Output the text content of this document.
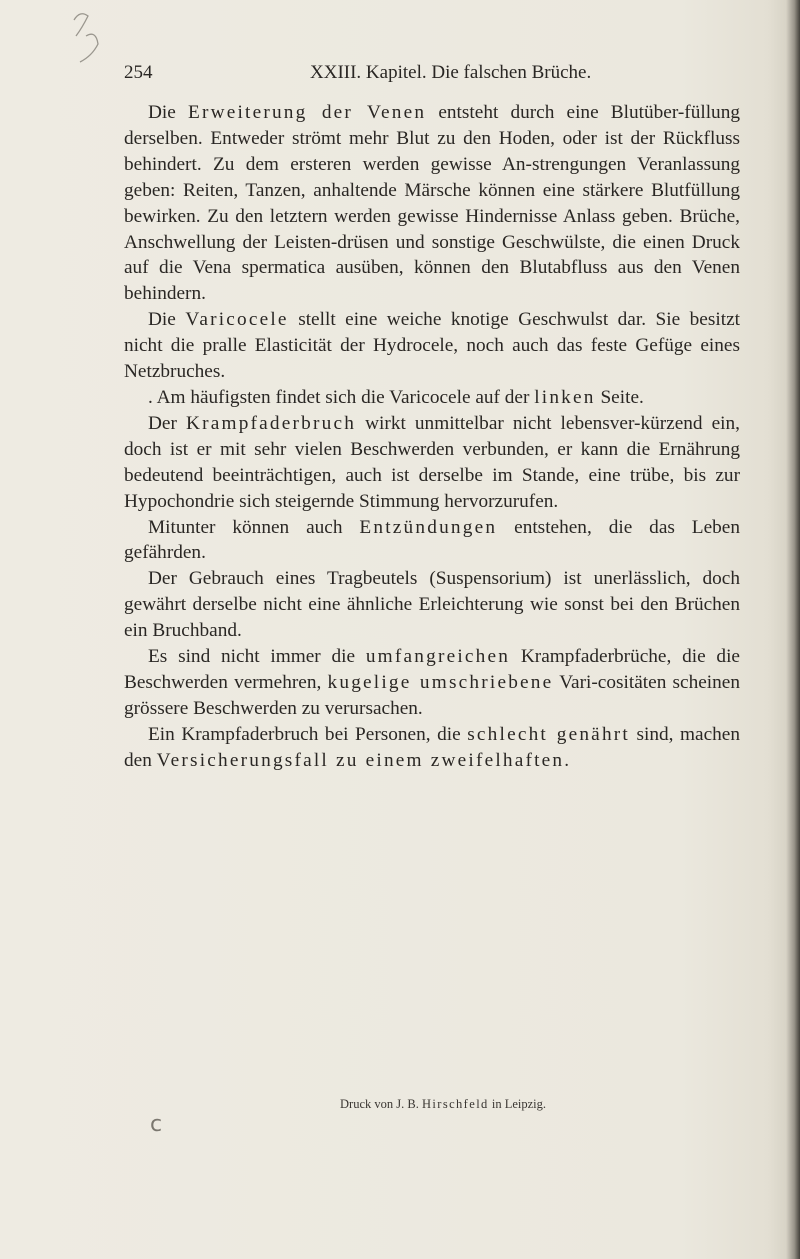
254	XXIII. Kapitel. Die falschen Brüche.

Die Erweiterung der Venen entsteht durch eine Blutüber-füllung derselben. Entweder strömt mehr Blut zu den Hoden, oder ist der Rückfluss behindert. Zu dem ersteren werden gewisse An-strengungen Veranlassung geben: Reiten, Tanzen, anhaltende Märsche können eine stärkere Blutfüllung bewirken. Zu den letztern werden gewisse Hindernisse Anlass geben. Brüche, Anschwellung der Leisten-drüsen und sonstige Geschwülste, die einen Druck auf die Vena spermatica ausüben, können den Blutabfluss aus den Venen behindern.

Die Varicocele stellt eine weiche knotige Geschwulst dar. Sie besitzt nicht die pralle Elasticität der Hydrocele, noch auch das feste Gefüge eines Netzbruches.

. Am häufigsten findet sich die Varicocele auf der linken Seite.

Der Krampfaderbruch wirkt unmittelbar nicht lebensver-kürzend ein, doch ist er mit sehr vielen Beschwerden verbunden, er kann die Ernährung bedeutend beeinträchtigen, auch ist derselbe im Stande, eine trübe, bis zur Hypochondrie sich steigernde Stimmung hervorzurufen.

Mitunter können auch Entzündungen entstehen, die das Leben gefährden.

Der Gebrauch eines Tragbeutels (Suspensorium) ist unerlässlich, doch gewährt derselbe nicht eine ähnliche Erleichterung wie sonst bei den Brüchen ein Bruchband.

Es sind nicht immer die umfangreichen Krampfaderbrüche, die die Beschwerden vermehren, kugelige umschriebene Vari-cositäten scheinen grössere Beschwerden zu verursachen.

Ein Krampfaderbruch bei Personen, die schlecht genährt sind, machen den Versicherungsfall zu einem zweifelhaften.

Druck von J. B. Hirschfeld in Leipzig.
c
